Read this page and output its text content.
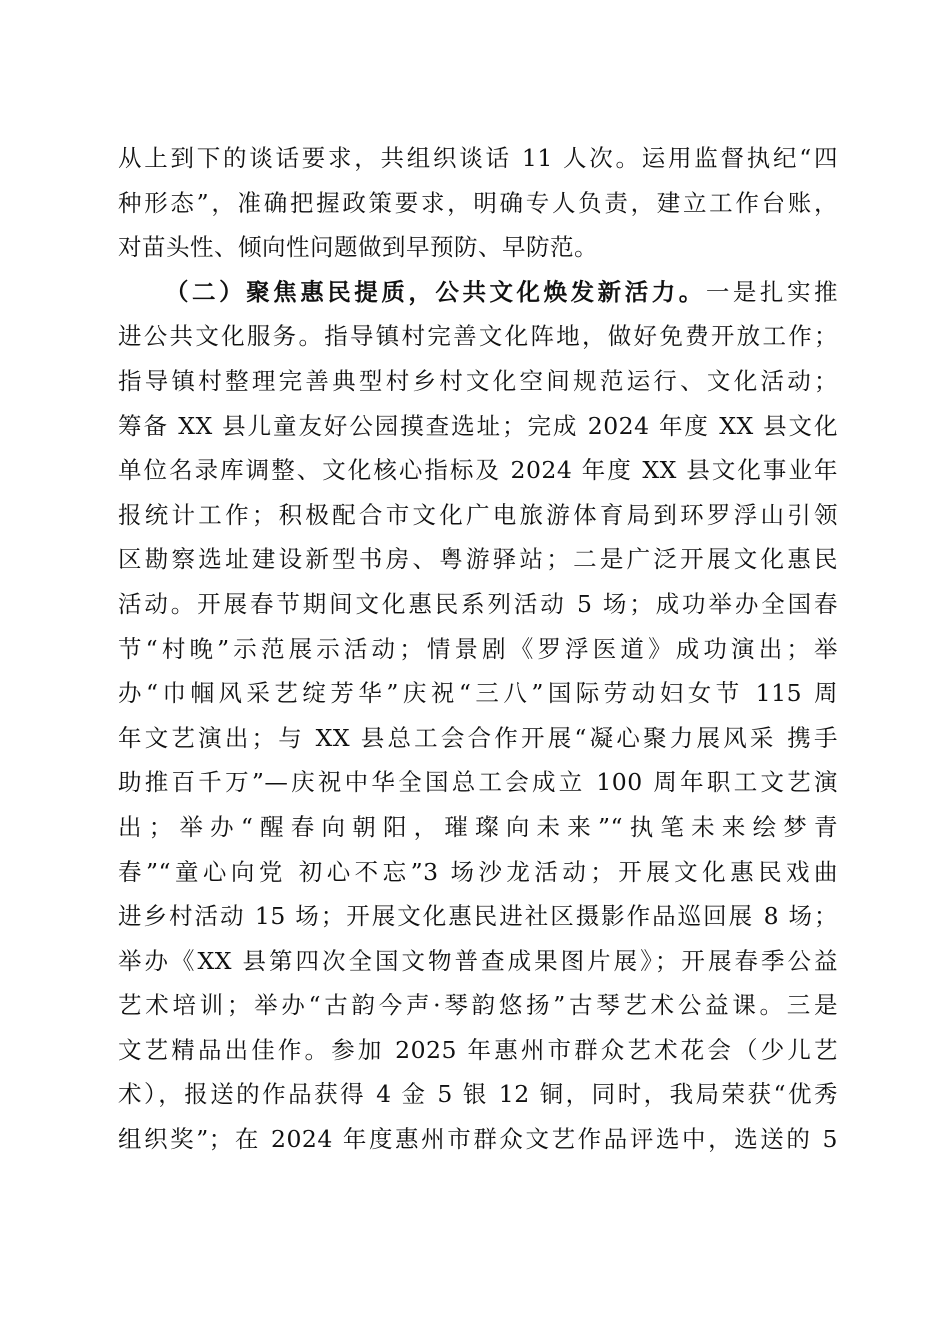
从上到下的谈话要求，共组织谈话 11 人次。运用监督执纪“四
种形态”，准确把握政策要求，明确专人负责，建立工作台账，
对苗头性、倾向性问题做到早预防、早防范。
（二）聚焦惠民提质，公共文化焕发新活力。一是扎实推
进公共文化服务。指导镇村完善文化阵地，做好免费开放工作；
指导镇村整理完善典型村乡村文化空间规范运行、文化活动；
筹备 XX 县儿童友好公园摸查选址；完成 2024 年度 XX 县文化
单位名录库调整、文化核心指标及 2024 年度 XX 县文化事业年
报统计工作；积极配合市文化广电旅游体育局到环罗浮山引领
区勘察选址建设新型书房、粤游驿站；二是广泛开展文化惠民
活动。开展春节期间文化惠民系列活动 5 场；成功举办全国春
节“村晚”示范展示活动；情景剧《罗浮医道》成功演出；举
办“巾帼风采艺绽芳华”庆祝“三八”国际劳动妇女节 115 周
年文艺演出；与 XX 县总工会合作开展“凝心聚力展风采 携手
助推百千万”—庆祝中华全国总工会成立 100 周年职工文艺演
出；举办“醒春向朝阳，璀璨向未来”“执笔未来绘梦青
春”“童心向党 初心不忘”3 场沙龙活动；开展文化惠民戏曲
进乡村活动 15 场；开展文化惠民进社区摄影作品巡回展 8 场；
举办《XX 县第四次全国文物普查成果图片展》；开展春季公益
艺术培训；举办“古韵今声·琴韵悠扬”古琴艺术公益课。三是
文艺精品出佳作。参加 2025 年惠州市群众艺术花会（少儿艺
术），报送的作品获得 4 金 5 银 12 铜，同时，我局荣获“优秀
组织奖”；在 2024 年度惠州市群众文艺作品评选中，选送的 5
